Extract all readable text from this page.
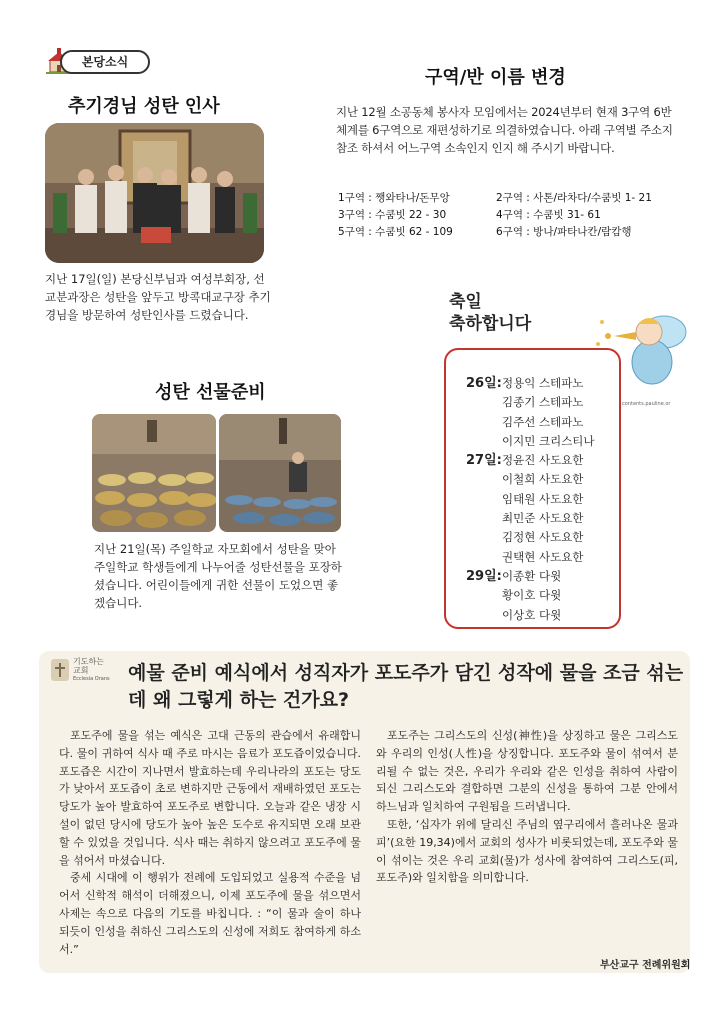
본당소식
추기경님 성탄 인사
지난 17일(일) 본당신부님과 여성부회장, 선교분과장은 성탄을 앞두고 방콕대교구장 추기경님을 방문하여 성탄인사를 드렸습니다.
구역/반 이름 변경
지난 12월 소공동체 봉사자 모임에서는 2024년부터 현재 3구역 6반 체계를 6구역으로 재편성하기로 의결하였습니다. 아래 구역별 주소지 참조 하셔서 어느구역 소속인지 인지 해 주시기 바랍니다.
1구역 : 쨍와타나/돈무앙	2구역 : 사톤/라차다/수쿰빗 1- 21
3구역 : 수쿰빗 22 - 30	4구역 : 수쿰빗 31- 61
5구역 : 수쿰빗 62 - 109	6구역 : 방나/파타나칸/람캄행
축일
축하합니다
contents.pauline.or
26일:정용익 스테파노
김종기 스테파노
김주선 스테파노
이지민 크리스티나
27일:정윤진 사도요한
이철희 사도요한
임태원 사도요한
최민준 사도요한
김정현 사도요한
권택현 사도요한
29일:이종환 다윗
황이호 다윗
이상호 다윗
성탄 선물준비
지난 21일(목) 주일학교 자모회에서 성탄을 맞아 주일학교 학생들에게 나누어줄 성탄선물을 포장하셨습니다. 어린이들에게 귀한 선물이 도었으면 좋겠습니다.
기도하는
교회
Ecclesia Orans 예물 준비 예식에서 성직자가 포도주가 담긴 성작에 물을 조금 섞는데 왜 그렇게 하는 건가요?
포도주에 물을 섞는 예식은 고대 근동의 관습에서 유래합니다. 물이 귀하여 식사 때 주로 마시는 음료가 포도즙이었습니다. 포도즙은 시간이 지나면서 발효하는데 우리나라의 포도는 당도가 낮아서 포도즙이 초로 변하지만 근동에서 재배하였던 포도는 당도가 높아 발효하여 포도주로 변합니다. 오늘과 같은 냉장 시설이 없던 당시에 당도가 높아 높은 도수로 유지되면 오래 보관할 수 있었을 것입니다. 식사 때는 취하지 않으려고 포도주에 물을 섞어서 마셨습니다.
중세 시대에 이 행위가 전례에 도입되었고 실용적 수준을 넘어서 신학적 해석이 더해졌으니, 이제 포도주에 물을 섞으면서 사제는 속으로 다음의 기도를 바칩니다. : “이 물과 술이 하나 되듯이 인성을 취하신 그리스도의 신성에 저희도 참여하게 하소서.”
포도주는 그리스도의 신성(神性)을 상징하고 물은 그리스도와 우리의 인성(人性)을 상징합니다. 포도주와 물이 섞여서 분리될 수 없는 것은, 우리가 우리와 같은 인성을 취하여 사람이 되신 그리스도와 결합하면 그분의 신성을 통하여 그분 안에서 하느님과 일치하여 구원됨을 드러냅니다.
또한, ‘십자가 위에 달리신 주님의 옆구리에서 흘러나온 물과 피’(요한 19,34)에서 교회의 성사가 비롯되었는데, 포도주와 물이 섞이는 것은 우리 교회(물)가 성사에 참여하여 그리스도(피, 포도주)와 일치함을 의미합니다.
부산교구 전례위원회
